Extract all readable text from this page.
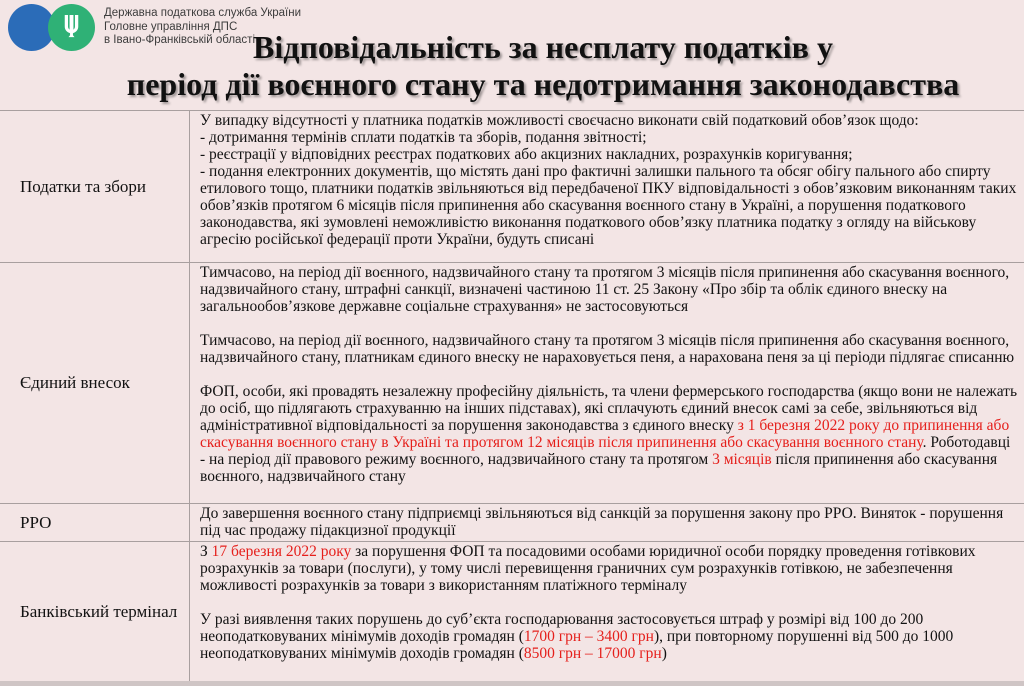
Державна податкова служба України
Головне управління ДПС
в Івано-Франківській області
Відповідальність за несплату податків у
період дії воєнного стану та недотримання законодавства
Податки та збори

У випадку відсутності у платника податків можливості своєчасно виконати свій податковий обов’язок щодо:

- дотримання термінів сплати податків та зборів, подання звітності;

- реєстрації у відповідних реєстрах податкових або акцизних накладних, розрахунків коригування;

- подання електронних документів, що містять дані про фактичні залишки пального та обсяг обігу пального або спирту етилового тощо, платники податків звільняються від передбаченої ПКУ відповідальності з обов’язковим виконанням таких обов’язків протягом 6 місяців після припинення або скасування воєнного стану в Україні, а порушення податкового законодавства, які зумовлені неможливістю виконання податкового обов’язку платника податку з огляду на військову агресію російської федерації проти України, будуть списані

Єдиний внесок

Тимчасово, на період дії воєнного, надзвичайного стану та протягом 3 місяців після припинення або скасування воєнного, надзвичайного стану, штрафні санкції, визначені частиною 11 ст. 25 Закону «Про збір та облік єдиного внеску на загальнообов’язкове державне соціальне страхування» не застосовуються

Тимчасово, на період дії воєнного, надзвичайного стану та протягом 3 місяців після припинення або скасування воєнного, надзвичайного стану, платникам єдиного внеску не нараховується пеня, а нарахована пеня за ці періоди підлягає списанню

ФОП, особи, які провадять незалежну професійну діяльність, та члени фермерського господарства (якщо вони не належать до осіб, що підлягають страхуванню на інших підставах), які сплачують єдиний внесок самі за себе, звільняються від адміністративної відповідальності за порушення законодавства з єдиного внеску з 1 березня 2022 року до припинення або скасування воєнного стану в Україні та протягом 12 місяців після припинення або скасування воєнного стану. Роботодавці - на період дії правового режиму воєнного, надзвичайного стану та протягом 3 місяців після припинення або скасування воєнного, надзвичайного стану

РРО	До завершення воєнного стану підприємці звільняються від санкцій за порушення закону про РРО. Виняток - порушення під час продажу підакцизної продукції

Банківський термінал

З 17 березня 2022 року за порушення ФОП та посадовими особами юридичної особи порядку проведення готівкових розрахунків за товари (послуги), у тому числі перевищення граничних сум розрахунків готівкою, не забезпечення можливості розрахунків за товари з використанням платіжного терміналу

У разі виявлення таких порушень до суб’єкта господарювання застосовується штраф у розмірі від 100 до 200 неоподатковуваних мінімумів доходів громадян (1700 грн – 3400 грн), при повторному порушенні від 500 до 1000 неоподатковуваних мінімумів доходів громадян (8500 грн – 17000 грн)
